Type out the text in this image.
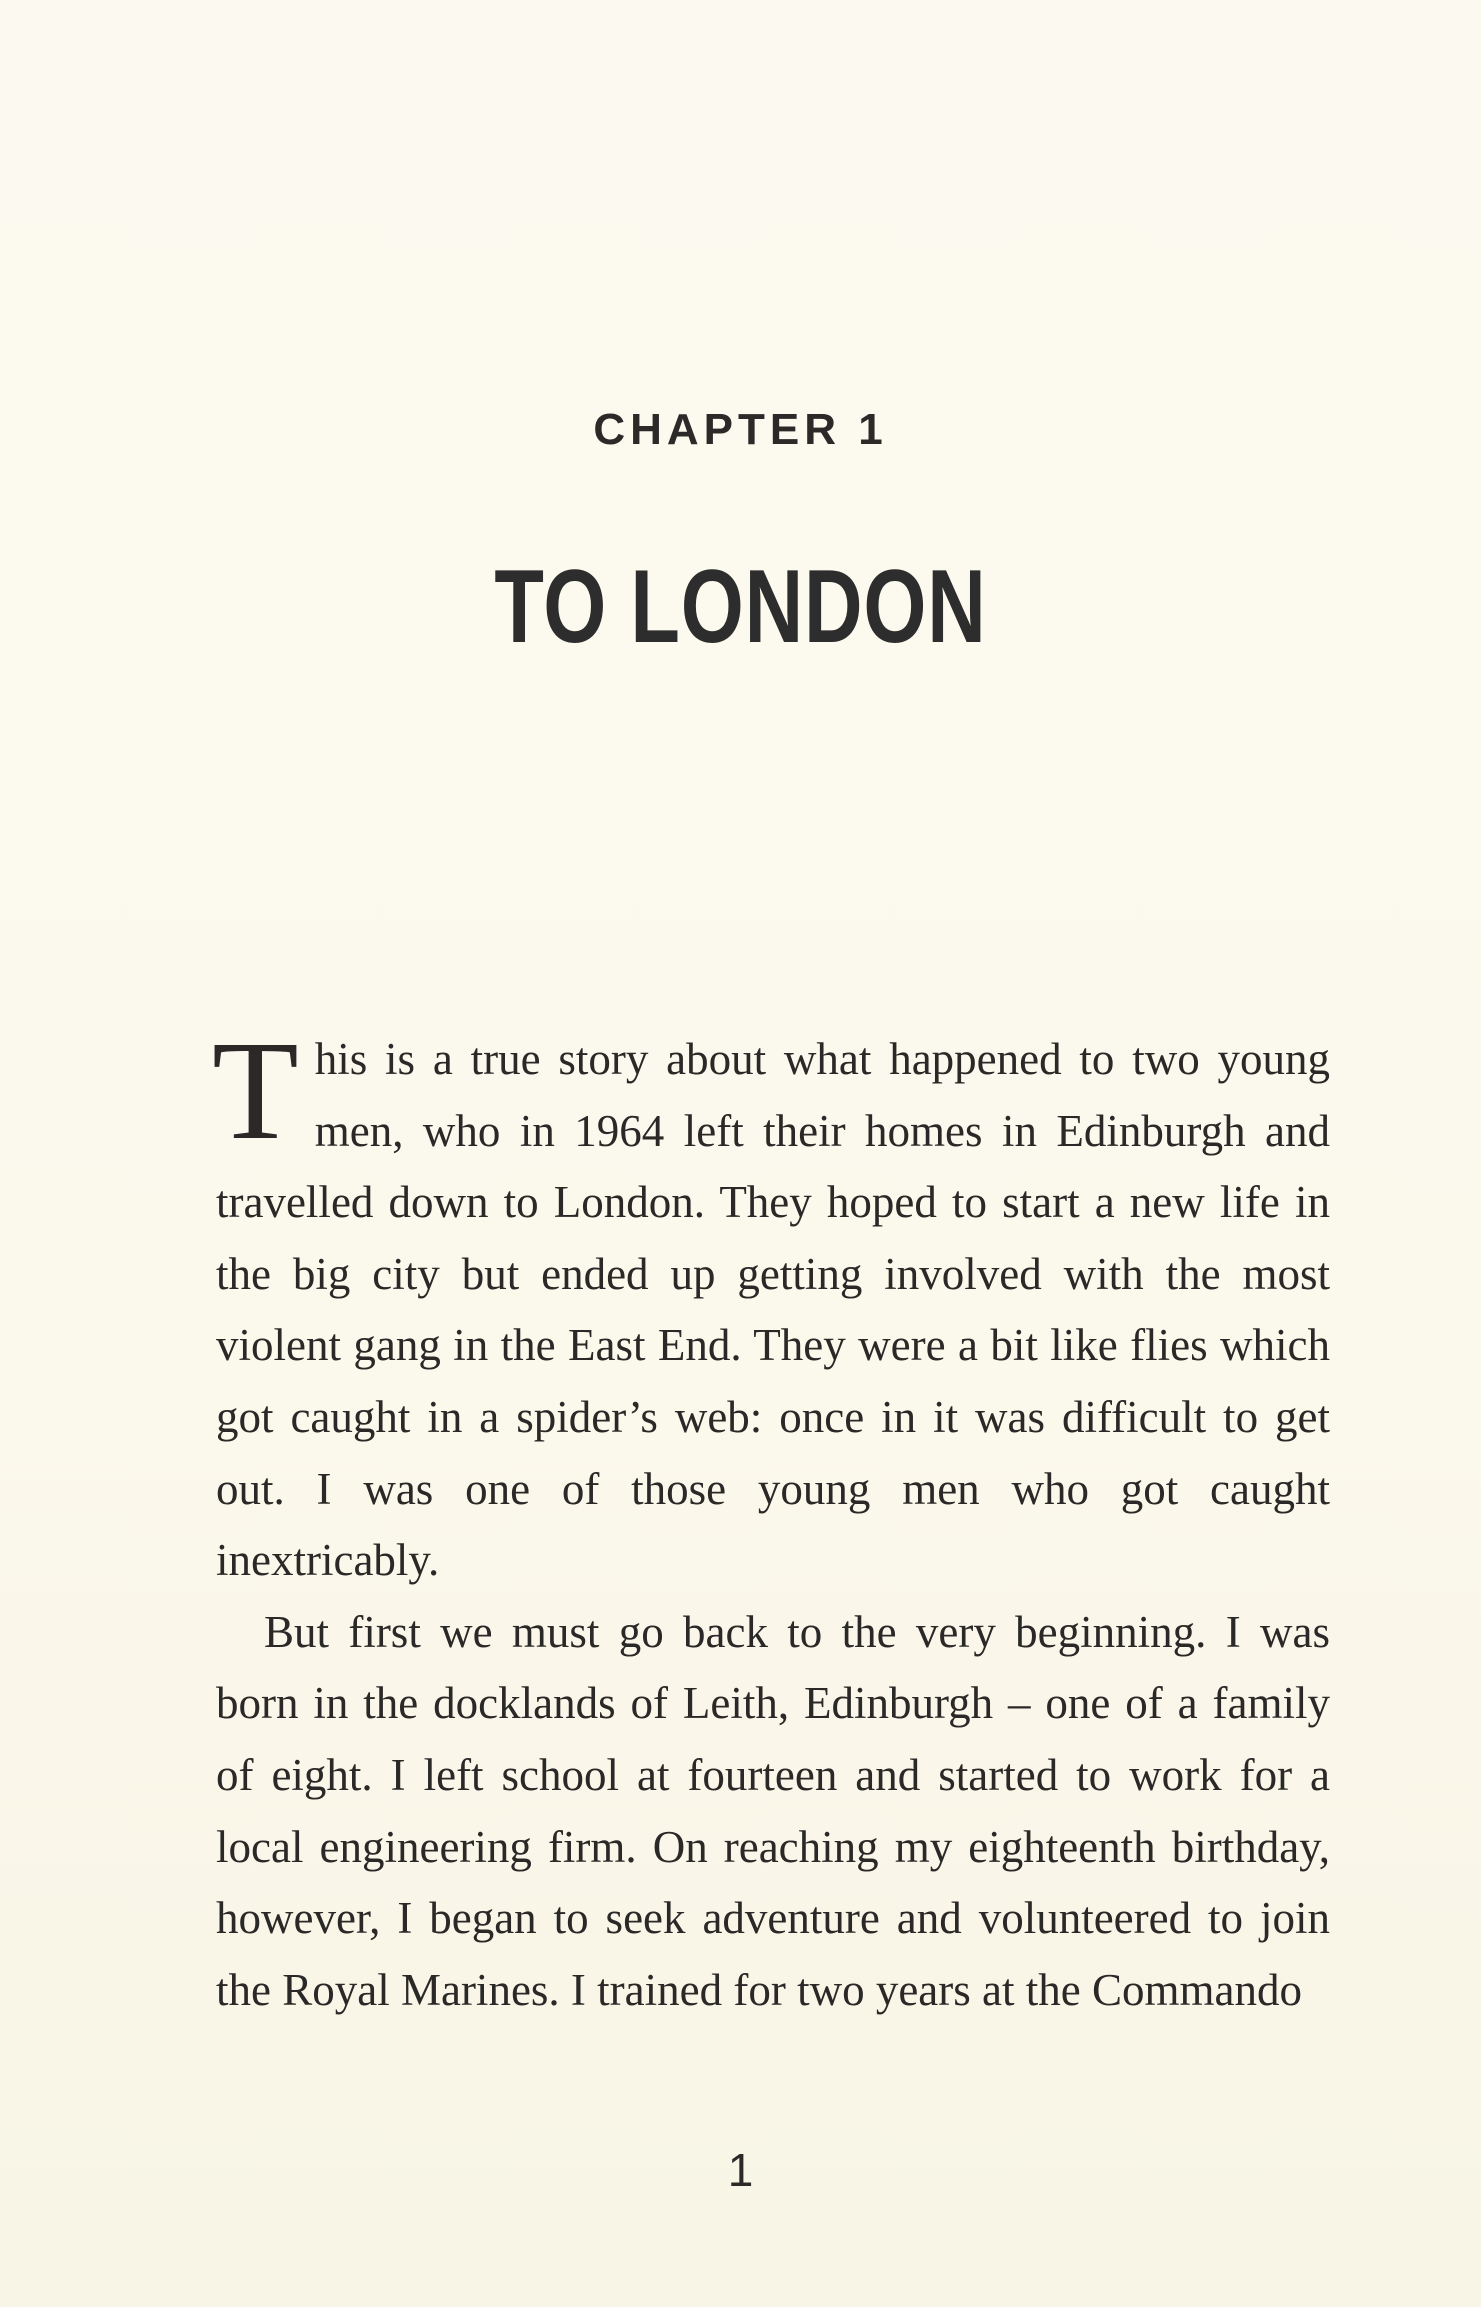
CHAPTER 1
TO LONDON

This is a true story about what happened to two young men, who in 1964 left their homes in Edinburgh and travelled down to London. They hoped to start a new life in the big city but ended up getting involved with the most violent gang in the East End. They were a bit like flies which got caught in a spider’s web: once in it was difficult to get out. I was one of those young men who got caught inextricably.

But first we must go back to the very beginning. I was born in the docklands of Leith, Edinburgh – one of a family of eight. I left school at fourteen and started to work for a local engineering firm. On reaching my eighteenth birthday, however, I began to seek adventure and volunteered to join the Royal Marines. I trained for two years at the Commando

1
